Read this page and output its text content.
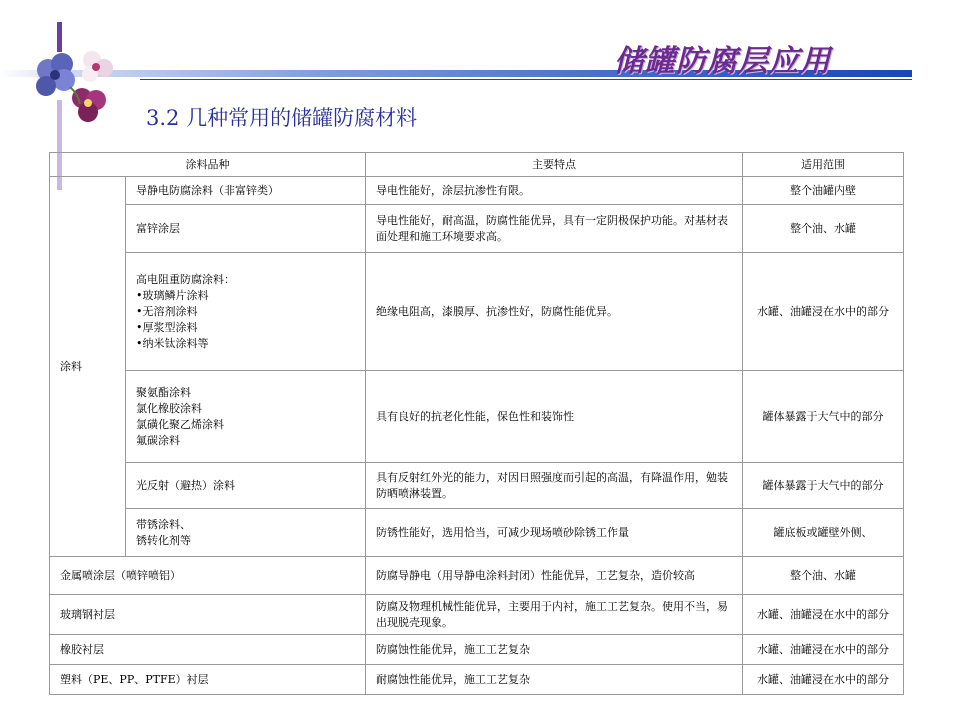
储罐防腐层应用
3.2 几种常用的储罐防腐材料
涂料品种		主要特点	适用范围
涂料	导静电防腐涂料（非富锌类）	导电性能好，涂层抗渗性有限。	整个油罐内壁
	富锌涂层	导电性能好，耐高温，防腐性能优异，具有一定阴极保护功能。对基材表面处理和施工环境要求高。	整个油、水罐
	高电阻重防腐涂料：
•玻璃鳞片涂料
•无溶剂涂料
•厚浆型涂料
•纳米钛涂料等	绝缘电阻高，漆膜厚、抗渗性好，防腐性能优异。	水罐、油罐浸在水中的部分
	聚氨酯涂料
氯化橡胶涂料
氯磺化聚乙烯涂料
氟碳涂料	具有良好的抗老化性能，保色性和装饰性	罐体暴露于大气中的部分
	光反射（避热）涂料	具有反射红外光的能力，对因日照强度而引起的高温，有降温作用，勉装防晒喷淋装置。	罐体暴露于大气中的部分
	带锈涂料、
锈转化剂等	防锈性能好，选用恰当，可减少现场喷砂除锈工作量	罐底板或罐壁外侧、
金属喷涂层（喷锌喷铝）		防腐导静电（用导静电涂料封闭）性能优异，工艺复杂，造价较高	整个油、水罐
玻璃钢衬层		防腐及物理机械性能优异，主要用于内衬，施工工艺复杂。使用不当，易出现脱壳现象。	水罐、油罐浸在水中的部分
橡胶衬层		防腐蚀性能优异，施工工艺复杂	水罐、油罐浸在水中的部分
塑料（PE、PP、PTFE）衬层		耐腐蚀性能优异，施工工艺复杂	水罐、油罐浸在水中的部分
